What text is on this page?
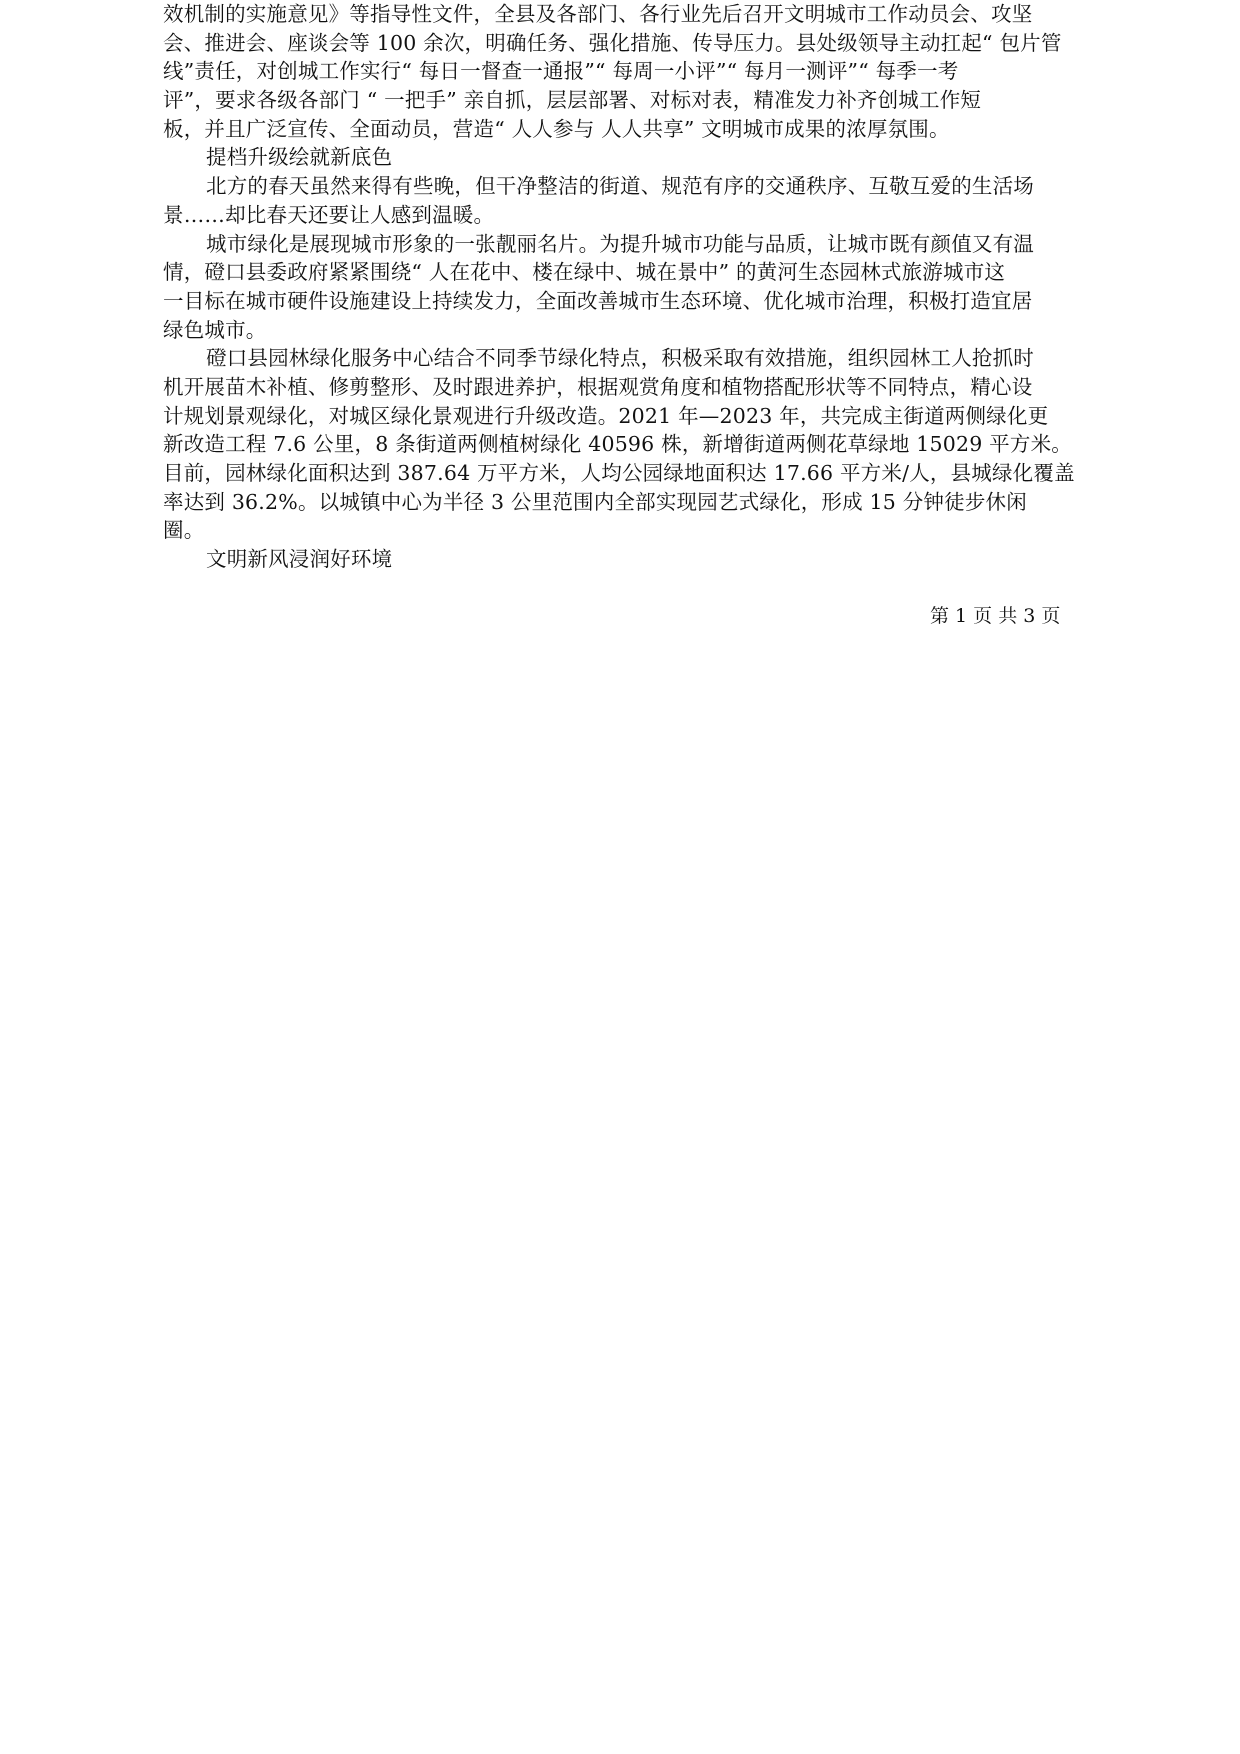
效机制的实施意见》等指导性文件，全县及各部门、各行业先后召开文明城市工作动员会、攻坚
会、推进会、座谈会等 100 余次，明确任务、强化措施、传导压力。县处级领导主动扛起“ 包片管
线”责任，对创城工作实行“ 每日一督查一通报”“ 每周一小评”“ 每月一测评”“ 每季一考
评”，要求各级各部门 “ 一把手” 亲自抓，层层部署、对标对表，精准发力补齐创城工作短
板，并且广泛宣传、全面动员，营造“ 人人参与 人人共享” 文明城市成果的浓厚氛围。
提档升级绘就新底色
北方的春天虽然来得有些晚，但干净整洁的街道、规范有序的交通秩序、互敬互爱的生活场
景……却比春天还要让人感到温暖。
城市绿化是展现城市形象的一张靓丽名片。为提升城市功能与品质，让城市既有颜值又有温
情，磴口县委政府紧紧围绕“ 人在花中、楼在绿中、城在景中” 的黄河生态园林式旅游城市这
一目标在城市硬件设施建设上持续发力，全面改善城市生态环境、优化城市治理，积极打造宜居
绿色城市。
磴口县园林绿化服务中心结合不同季节绿化特点，积极采取有效措施，组织园林工人抢抓时
机开展苗木补植、修剪整形、及时跟进养护，根据观赏角度和植物搭配形状等不同特点，精心设
计规划景观绿化，对城区绿化景观进行升级改造。2021 年—2023 年，共完成主街道两侧绿化更
新改造工程 7.6 公里，8 条街道两侧植树绿化 40596 株，新增街道两侧花草绿地 15029 平方米。
目前，园林绿化面积达到 387.64 万平方米，人均公园绿地面积达 17.66 平方米/人，县城绿化覆盖
率达到 36.2%。以城镇中心为半径 3 公里范围内全部实现园艺式绿化，形成 15 分钟徒步休闲
圈。
文明新风浸润好环境
第 1 页 共 3 页
